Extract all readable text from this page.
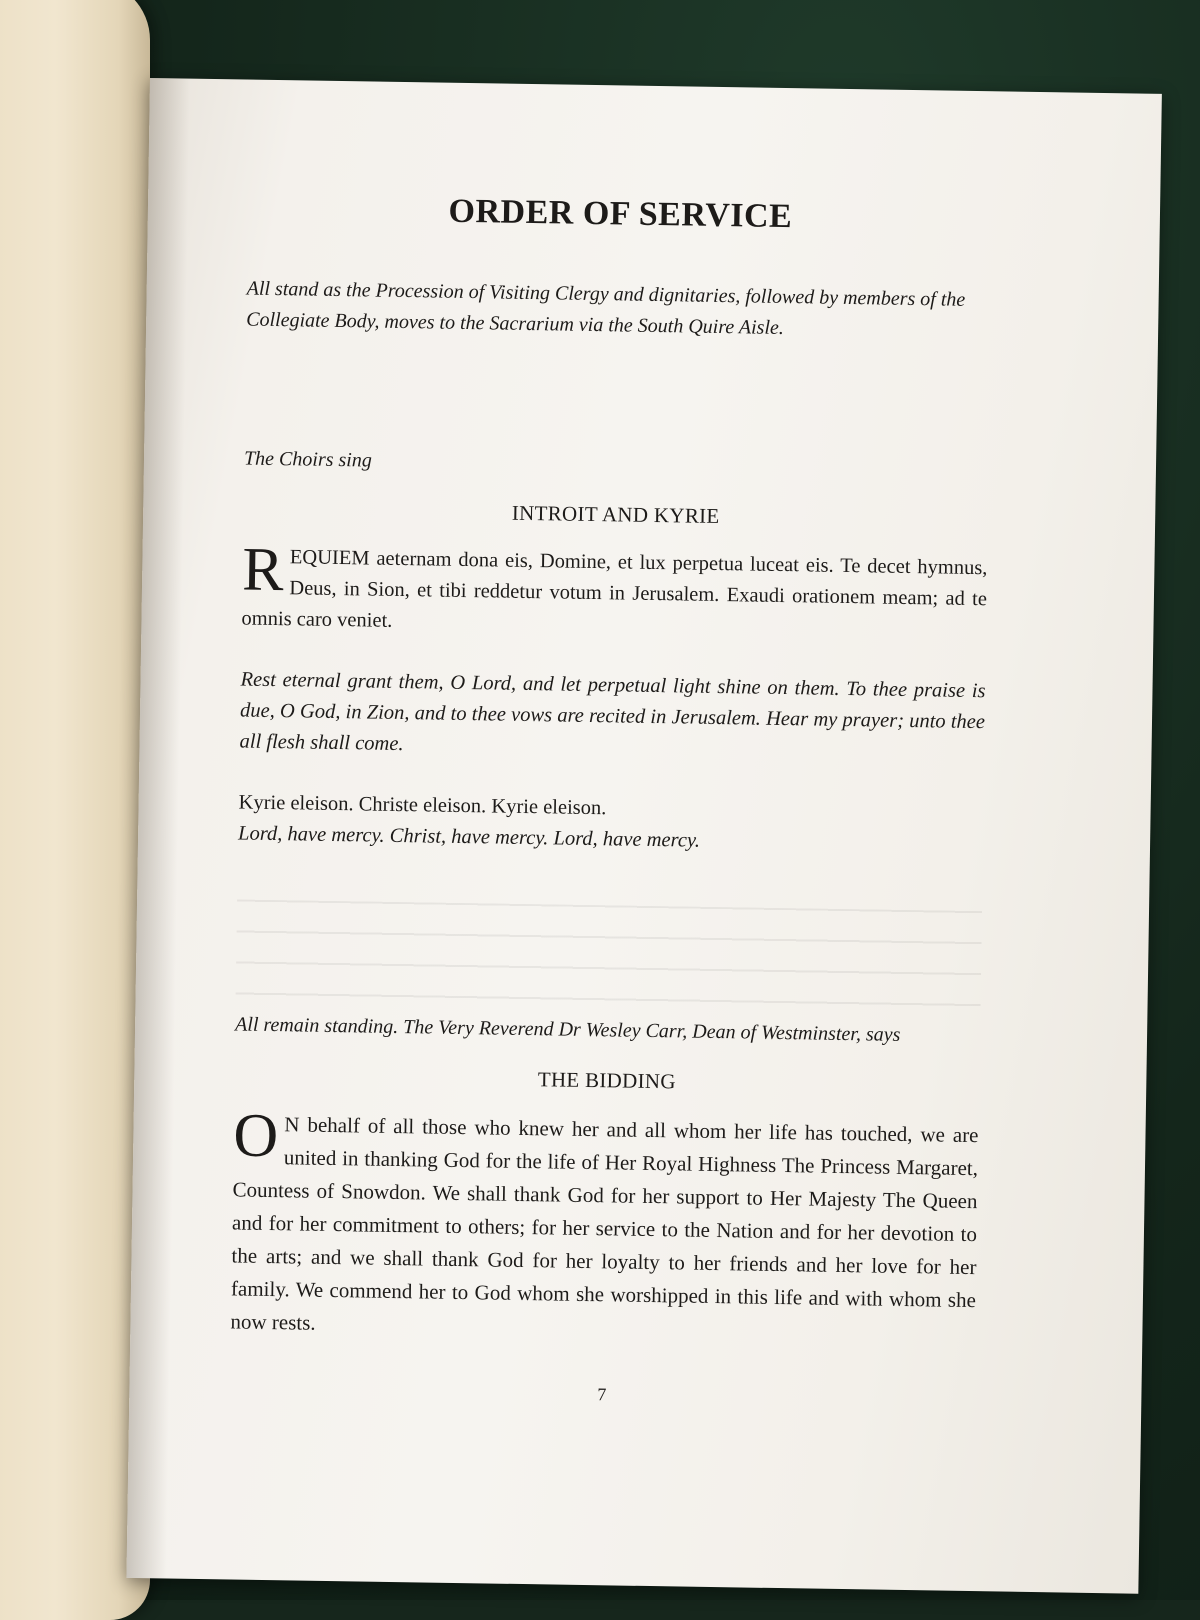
ORDER OF SERVICE

All stand as the Procession of Visiting Clergy and dignitaries, followed by members of the Collegiate Body, moves to the Sacrarium via the South Quire Aisle.

The Choirs sing

INTROIT AND KYRIE

REQUIEM aeternam dona eis, Domine, et lux perpetua luceat eis. Te decet hymnus, Deus, in Sion, et tibi reddetur votum in Jerusalem. Exaudi orationem meam; ad te omnis caro veniet.

Rest eternal grant them, O Lord, and let perpetual light shine on them. To thee praise is due, O God, in Zion, and to thee vows are recited in Jerusalem. Hear my prayer; unto thee all flesh shall come.

Kyrie eleison. Christe eleison. Kyrie eleison.

Lord, have mercy. Christ, have mercy. Lord, have mercy.

All remain standing. The Very Reverend Dr Wesley Carr, Dean of Westminster, says

THE BIDDING

O N behalf of all those who knew her and all whom her life has touched, we are united in thanking God for the life of Her Royal Highness The Princess Margaret, Countess of Snowdon. We shall thank God for her support to Her Majesty The Queen and for her commitment to others; for her service to the Nation and for her devotion to the arts; and we shall thank God for her loyalty to her friends and her love for her family. We commend her to God whom she worshipped in this life and with whom she now rests.

7
